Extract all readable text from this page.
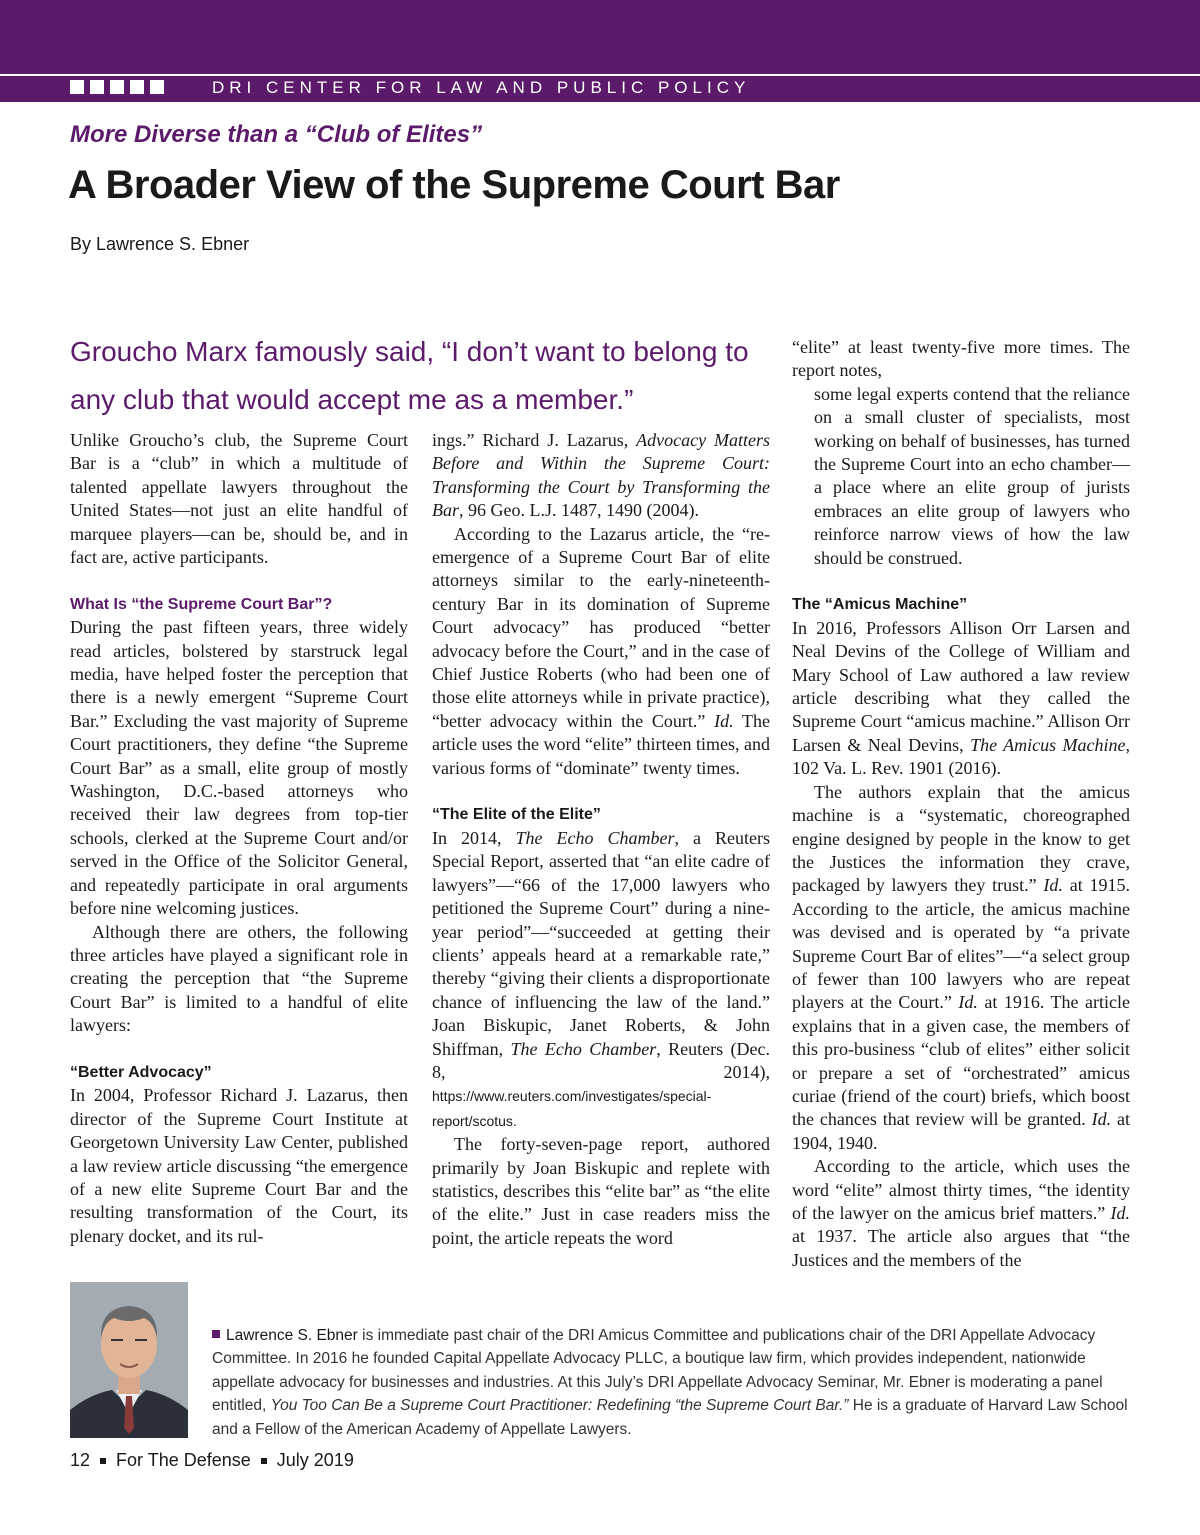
DRI CENTER FOR LAW AND PUBLIC POLICY
More Diverse than a “Club of Elites”
A Broader View of the Supreme Court Bar
By Lawrence S. Ebner
Groucho Marx famously said, “I don’t want to belong to any club that would accept me as a member.”

Unlike Groucho’s club, the Supreme Court Bar is a “club” in which a multitude of talented appellate lawyers throughout the United States—not just an elite handful of marquee players—can be, should be, and in fact are, active participants.

What Is “the Supreme Court Bar”?

During the past fifteen years, three widely read articles, bolstered by starstruck legal media, have helped foster the perception that there is a newly emergent “Supreme Court Bar.” Excluding the vast majority of Supreme Court practitioners, they define “the Supreme Court Bar” as a small, elite group of mostly Washington, D.C.-based attorneys who received their law degrees from top-tier schools, clerked at the Supreme Court and/or served in the Office of the Solicitor General, and repeatedly participate in oral arguments before nine welcoming justices.

Although there are others, the following three articles have played a significant role in creating the perception that “the Supreme Court Bar” is limited to a handful of elite lawyers:

“Better Advocacy”

In 2004, Professor Richard J. Lazarus, then director of the Supreme Court Institute at Georgetown University Law Center, published a law review article discussing “the emergence of a new elite Supreme Court Bar and the resulting transformation of the Court, its plenary docket, and its rul-

ings.” Richard J. Lazarus, Advocacy Matters Before and Within the Supreme Court: Transforming the Court by Transforming the Bar, 96 Geo. L.J. 1487, 1490 (2004).

According to the Lazarus article, the “re-emergence of a Supreme Court Bar of elite attorneys similar to the early-nineteenth-century Bar in its domination of Supreme Court advocacy” has produced “better advocacy before the Court,” and in the case of Chief Justice Roberts (who had been one of those elite attorneys while in private practice), “better advocacy within the Court.” Id. The article uses the word “elite” thirteen times, and various forms of “dominate” twenty times.

“The Elite of the Elite”

In 2014, The Echo Chamber, a Reuters Special Report, asserted that “an elite cadre of lawyers”—“66 of the 17,000 lawyers who petitioned the Supreme Court” during a nine-year period”—“succeeded at getting their clients’ appeals heard at a remarkable rate,” thereby “giving their clients a disproportionate chance of influencing the law of the land.” Joan Biskupic, Janet Roberts, & John Shiffman, The Echo Chamber, Reuters (Dec. 8, 2014), https://www.reuters.com/investigates/special-report/scotus.

The forty-seven-page report, authored primarily by Joan Biskupic and replete with statistics, describes this “elite bar” as “the elite of the elite.” Just in case readers miss the point, the article repeats the word

“elite” at least twenty-five more times. The report notes,

some legal experts contend that the reliance on a small cluster of specialists, most working on behalf of businesses, has turned the Supreme Court into an echo chamber—a place where an elite group of jurists embraces an elite group of lawyers who reinforce narrow views of how the law should be construed.

The “Amicus Machine”

In 2016, Professors Allison Orr Larsen and Neal Devins of the College of William and Mary School of Law authored a law review article describing what they called the Supreme Court “amicus machine.” Allison Orr Larsen & Neal Devins, The Amicus Machine, 102 Va. L. Rev. 1901 (2016).

The authors explain that the amicus machine is a “systematic, choreographed engine designed by people in the know to get the Justices the information they crave, packaged by lawyers they trust.” Id. at 1915. According to the article, the amicus machine was devised and is operated by “a private Supreme Court Bar of elites”—“a select group of fewer than 100 lawyers who are repeat players at the Court.” Id. at 1916. The article explains that in a given case, the members of this pro-business “club of elites” either solicit or prepare a set of “orchestrated” amicus curiae (friend of the court) briefs, which boost the chances that review will be granted. Id. at 1904, 1940.

According to the article, which uses the word “elite” almost thirty times, “the identity of the lawyer on the amicus brief matters.” Id. at 1937. The article also argues that “the Justices and the members of the

Lawrence S. Ebner is immediate past chair of the DRI Amicus Committee and publications chair of the DRI Appellate Advocacy Committee. In 2016 he founded Capital Appellate Advocacy PLLC, a boutique law firm, which provides independent, nationwide appellate advocacy for businesses and industries. At this July’s DRI Appellate Advocacy Seminar, Mr. Ebner is moderating a panel entitled, You Too Can Be a Supreme Court Practitioner: Redefining “the Supreme Court Bar.” He is a graduate of Harvard Law School and a Fellow of the American Academy of Appellate Lawyers.
12 For The Defense July 2019
